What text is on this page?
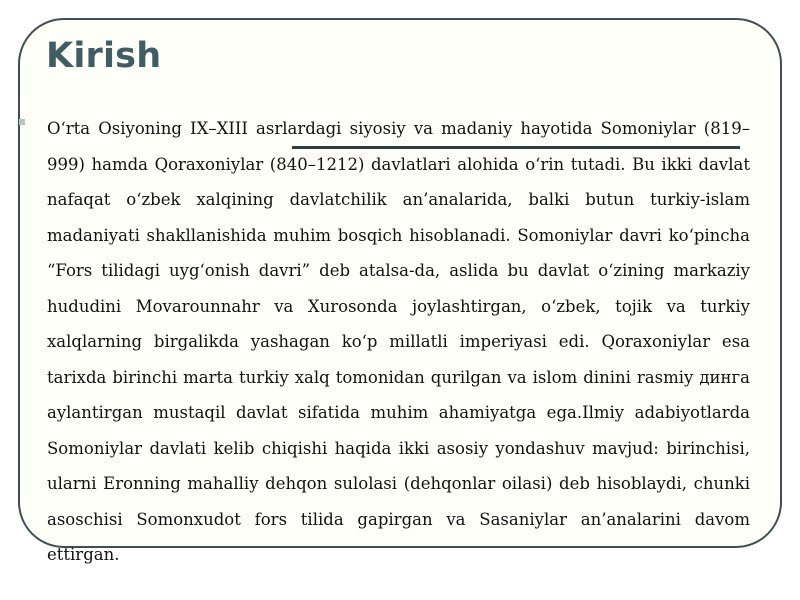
Kirish

O‘rta Osiyoning IX–XIII asrlardagi siyosiy va madaniy hayotida Somoniylar (819–999) hamda Qoraxoniylar (840–1212) davlatlari alohida o‘rin tutadi. Bu ikki davlat nafaqat o‘zbek xalqining davlatchilik an’analarida, balki butun turkiy-islam madaniyati shakllanishida muhim bosqich hisoblanadi. Somoniylar davri ko‘pincha “Fors tilidagi uyg‘onish davri” deb atalsa-da, aslida bu davlat o‘zining markaziy hududini Movarounnahr va Xurosonda joylashtirgan, o‘zbek, tojik va turkiy xalqlarning birgalikda yashagan ko‘p millatli imperiyasi edi. Qoraxoniylar esa tarixda birinchi marta turkiy xalq tomonidan qurilgan va islom dinini rasmiy динга aylantirgan mustaqil davlat sifatida muhim ahamiyatga ega.Ilmiy adabiyotlarda Somoniylar davlati kelib chiqishi haqida ikki asosiy yondashuv mavjud: birinchisi, ularni Eronning mahalliy dehqon sulolasi (dehqonlar oilasi) deb hisoblaydi, chunki asoschisi Somonxudot fors tilida gapirgan va Sasaniylar an’analarini davom ettirgan.
